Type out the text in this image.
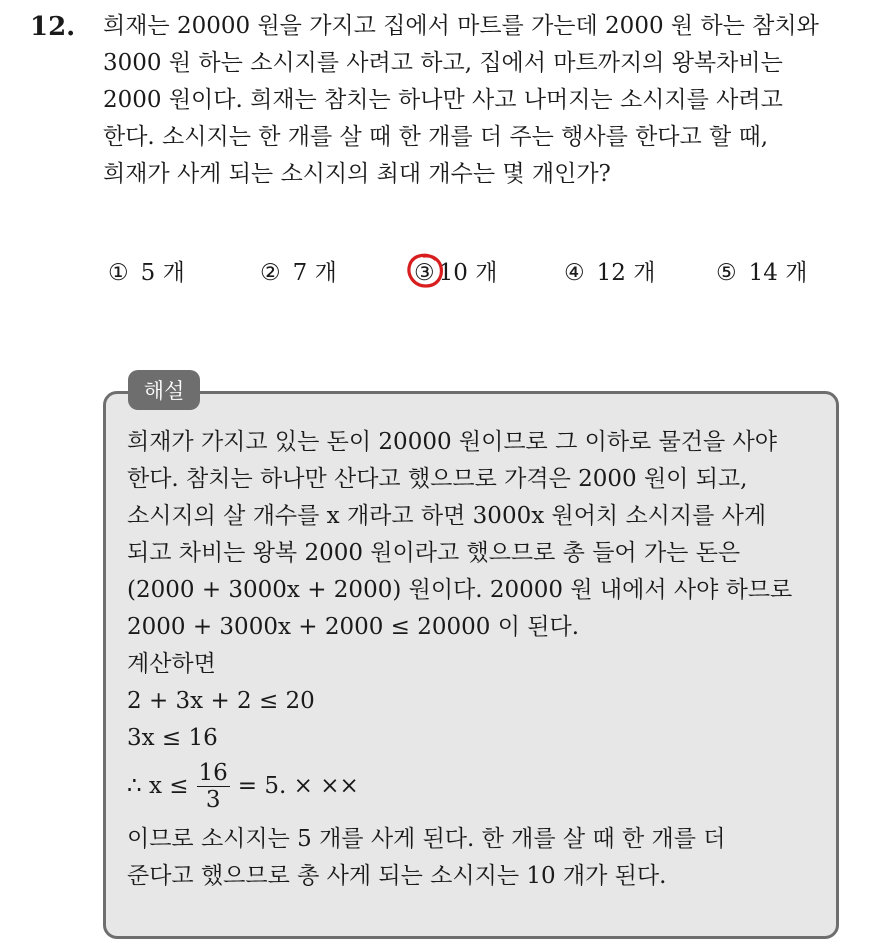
12. 희재는 20000 원을 가지고 집에서 마트를 가는데 2000 원 하는 참치와
3000 원 하는 소시지를 사려고 하고, 집에서 마트까지의 왕복차비는
2000 원이다. 희재는 참치는 하나만 사고 나머지는 소시지를 사려고
한다. 소시지는 한 개를 살 때 한 개를 더 주는 행사를 한다고 할 때,
희재가 사게 되는 소시지의 최대 개수는 몇 개인가?
① 5 개	② 7 개	③ 10 개	④ 12 개	⑤ 14 개
해설
희재가 가지고 있는 돈이 20000 원이므로 그 이하로 물건을 사야
한다. 참치는 하나만 산다고 했으므로 가격은 2000 원이 되고,
소시지의 살 개수를 x 개라고 하면 3000x 원어치 소시지를 사게
되고 차비는 왕복 2000 원이라고 했으므로 총 들어 가는 돈은
(2000 + 3000x + 2000) 원이다. 20000 원 내에서 사야 하므로
2000 + 3000x + 2000 ≤ 20000 이 된다.
계산하면
2 + 3x + 2 ≤ 20
3x ≤ 16
∴ $x \le \frac{16}{3} = 5$. × ××
이므로 소시지는 5 개를 사게 된다. 한 개를 살 때 한 개를 더
준다고 했으므로 총 사게 되는 소시지는 10 개가 된다.
